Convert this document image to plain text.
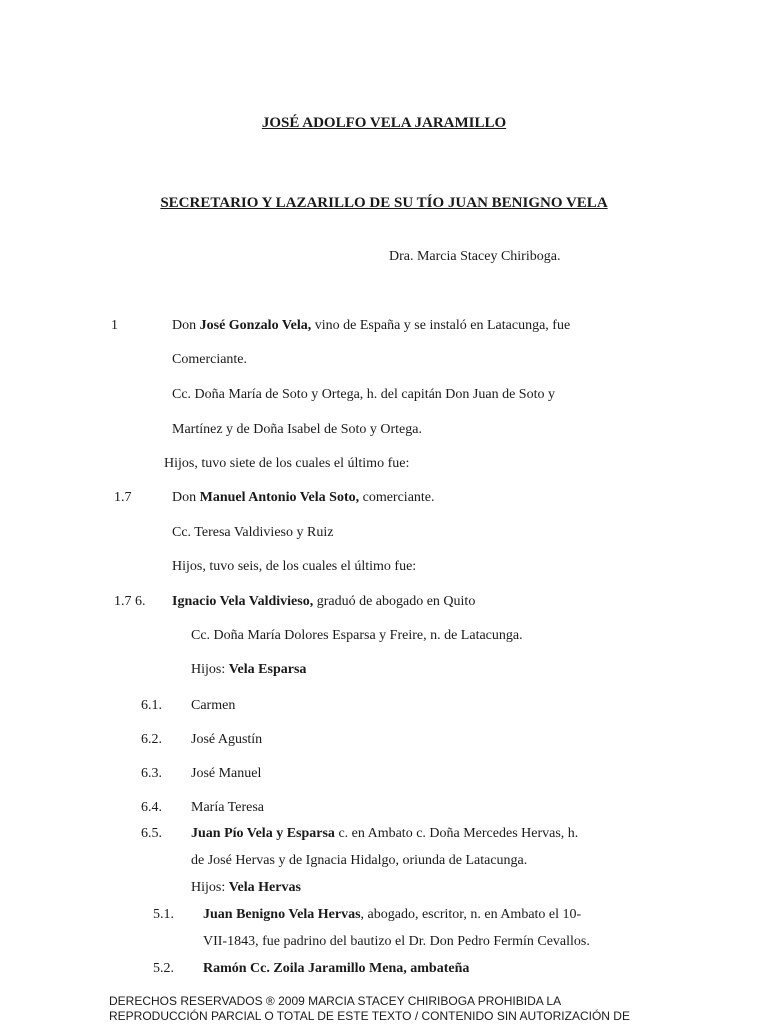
JOSÉ ADOLFO VELA JARAMILLO
SECRETARIO Y LAZARILLO DE SU TÍO JUAN BENIGNO VELA
Dra. Marcia Stacey Chiriboga.
1	Don José Gonzalo Vela, vino de España y se instaló en Latacunga, fue
Comerciante.
Cc. Doña María de Soto y Ortega, h. del capitán Don Juan de Soto y
Martínez y de Doña Isabel de Soto y Ortega.
Hijos, tuvo siete de los cuales el último fue:
1.7	Don Manuel Antonio Vela Soto, comerciante.
Cc. Teresa Valdivieso y Ruiz
Hijos, tuvo seis, de los cuales el último fue:
1.7 6. Ignacio Vela Valdivieso, graduó de abogado en Quito
Cc. Doña María Dolores Esparsa y Freire, n. de Latacunga.
Hijos: Vela Esparsa
6.1. Carmen
6.2. José Agustín
6.3. José Manuel
6.4. María Teresa
6.5. Juan Pío Vela y Esparsa c. en Ambato c. Doña Mercedes Hervas, h.
de José Hervas y de Ignacia Hidalgo, oriunda de Latacunga.
Hijos: Vela Hervas
5.1. Juan Benigno Vela Hervas, abogado, escritor, n. en Ambato el 10-
VII-1843, fue padrino del bautizo el Dr. Don Pedro Fermín Cevallos.
5.2. Ramón Cc. Zoila Jaramillo Mena, ambateña
DERECHOS RESERVADOS ® 2009 MARCIA STACEY CHIRIBOGA PROHIBIDA LA
REPRODUCCIÓN PARCIAL O TOTAL DE ESTE TEXTO / CONTENIDO SIN AUTORIZACIÓN DE
